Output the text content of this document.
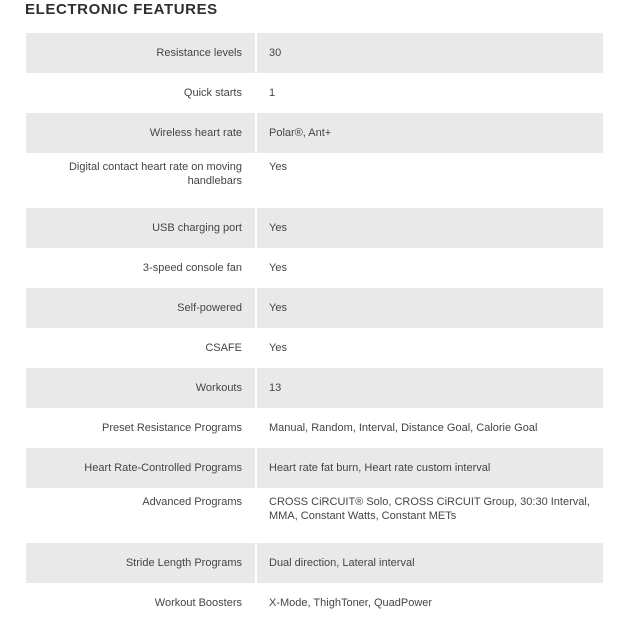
ELECTRONIC FEATURES
Resistance levels	30
Quick starts	1
Wireless heart rate	Polar®, Ant+
Digital contact heart rate on moving handlebars	Yes
USB charging port	Yes
3-speed console fan	Yes
Self-powered	Yes
CSAFE	Yes
Workouts	13
Preset Resistance Programs	Manual, Random, Interval, Distance Goal, Calorie Goal
Heart Rate-Controlled Programs	Heart rate fat burn, Heart rate custom interval
Advanced Programs	CROSS CiRCUIT® Solo, CROSS CiRCUIT Group, 30:30 Interval, MMA, Constant Watts, Constant METs
Stride Length Programs	Dual direction, Lateral interval
Workout Boosters	X-Mode, ThighToner, QuadPower
